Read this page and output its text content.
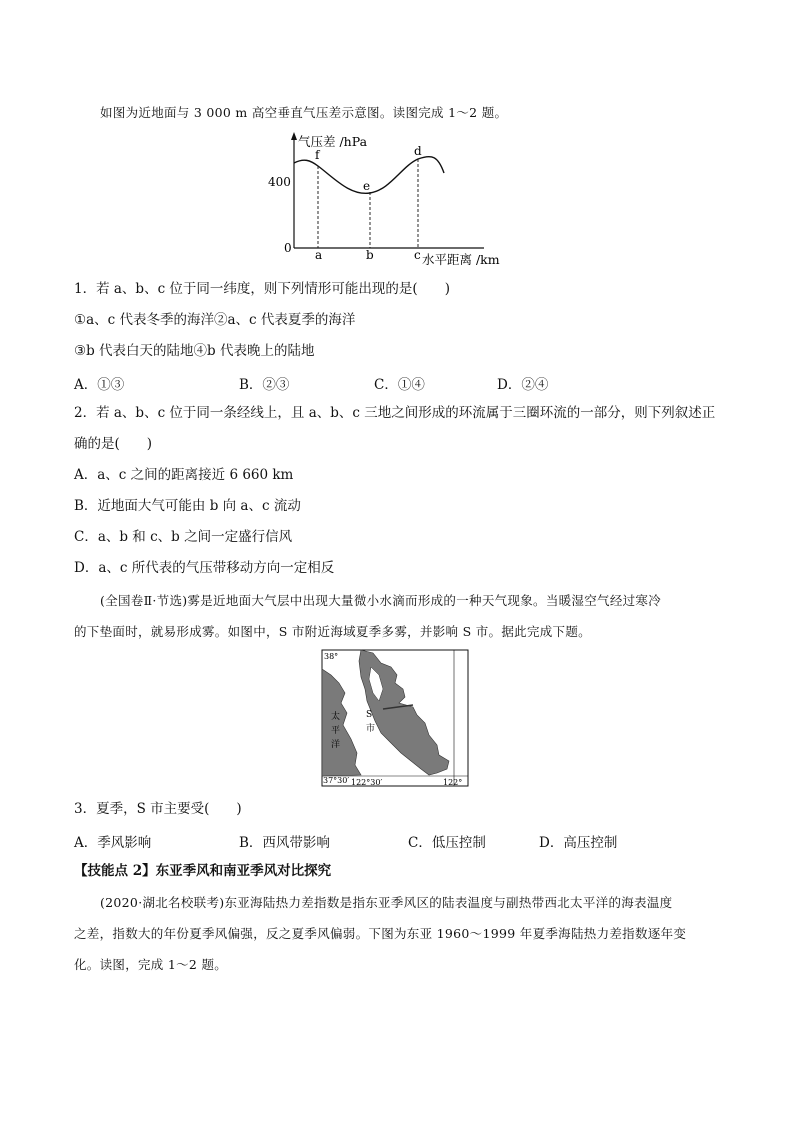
如图为近地面与 3 000 m 高空垂直气压差示意图。读图完成 1～2 题。
f
e
d
400
0 a	b	c
气压差 /hPa
水平距离 /km
1．若 a、b、c 位于同一纬度，则下列情形可能出现的是(　　)
①a、c 代表冬季的海洋②a、c 代表夏季的海洋
③b 代表白天的陆地④b 代表晚上的陆地
A．①③	B．②③	C．①④	D．②④
2．若 a、b、c 位于同一条经线上，且 a、b、c 三地之间形成的环流属于三圈环流的一部分，则下列叙述正
确的是(　　)
A．a、c 之间的距离接近 6 660 km
B．近地面大气可能由 b 向 a、c 流动
C．a、b 和 c、b 之间一定盛行信风
D．a、c 所代表的气压带移动方向一定相反
(全国卷Ⅱ·节选)雾是近地面大气层中出现大量微小水滴而形成的一种天气现象。当暖湿空气经过寒冷
的下垫面时，就易形成雾。如图中，S 市附近海域夏季多雾，并影响 S 市。据此完成下题。
38°
37°30′ 122°30′	122°
太
平
洋
S
市
3．夏季，S 市主要受(　　)
A．季风影响	B．西风带影响	C．低压控制	D．高压控制
【技能点 2】东亚季风和南亚季风对比探究
(2020·湖北名校联考)东亚海陆热力差指数是指东亚季风区的陆表温度与副热带西北太平洋的海表温度
之差，指数大的年份夏季风偏强，反之夏季风偏弱。下图为东亚 1960～1999 年夏季海陆热力差指数逐年变
化。读图，完成 1～2 题。
